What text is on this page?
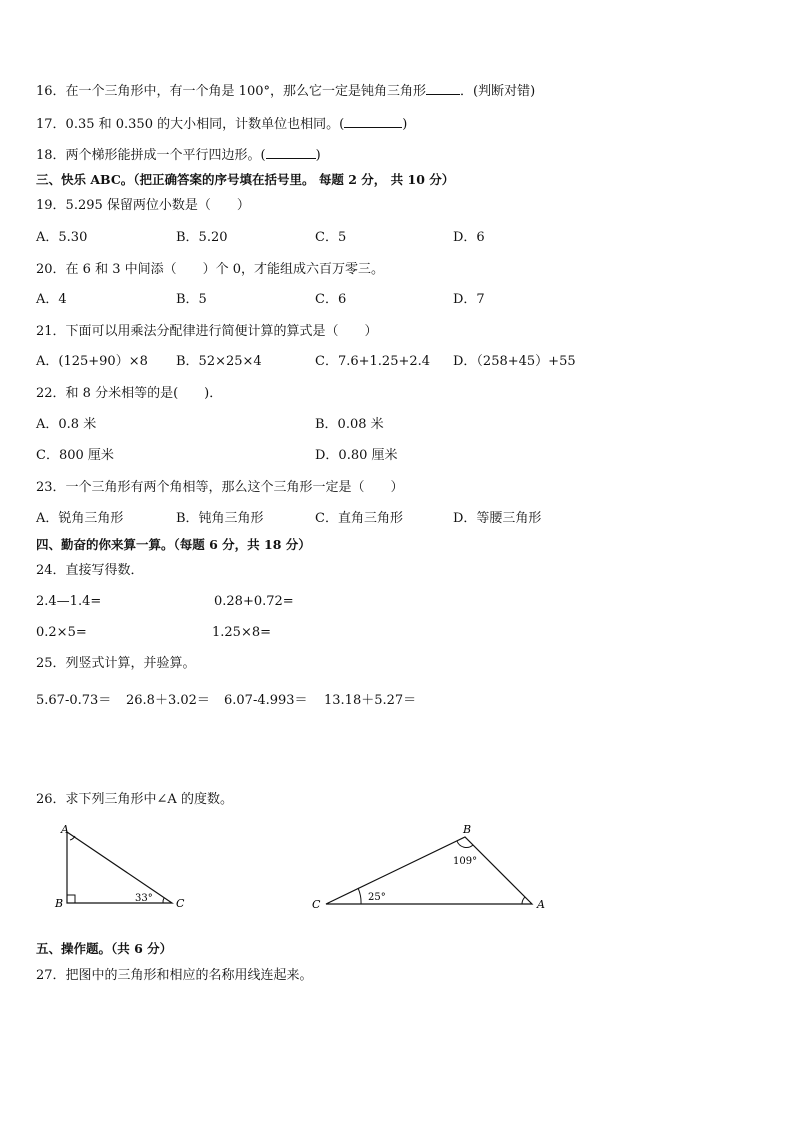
16．在一个三角形中，有一个角是 100°，那么它一定是钝角三角形	．(判断对错)
17．0.35 和 0.350 的大小相同，计数单位也相同。(	)
18．两个梯形能拼成一个平行四边形。(	)
三、快乐 ABC。（把正确答案的序号填在括号里。 每题 2 分， 共 10 分）
19．5.295 保留两位小数是（　　）
A．5.30	B．5.20	C．5	D．6
20．在 6 和 3 中间添（　　）个 0，才能组成六百万零三。
A．4	B．5	C．6	D．7
21．下面可以用乘法分配律进行简便计算的算式是（　　）
A．(125+90）×8 B．52×25×4	C．7.6+1.25+2.4 D．（258+45）+55
22．和 8 分米相等的是(　　)．
A．0.8 米	B．0.08 米
C．800 厘米	D．0.80 厘米
23．一个三角形有两个角相等，那么这个三角形一定是（　　）
A．锐角三角形	B．钝角三角形	C．直角三角形	D．等腰三角形
四、勤奋的你来算一算。（每题 6 分，共 18 分）
24．直接写得数．
2.4—1.4=	0.28+0.72=
0.2×5=	1.25×8=
25．列竖式计算，并验算。
5.67-0.73＝ 26.8＋3.02＝ 6.07-4.993＝ 13.18＋5.27＝
26．求下列三角形中∠A 的度数。
A
B	C
33°
B
C	A
109°
25°
五、操作题。（共 6 分）
27．把图中的三角形和相应的名称用线连起来。
